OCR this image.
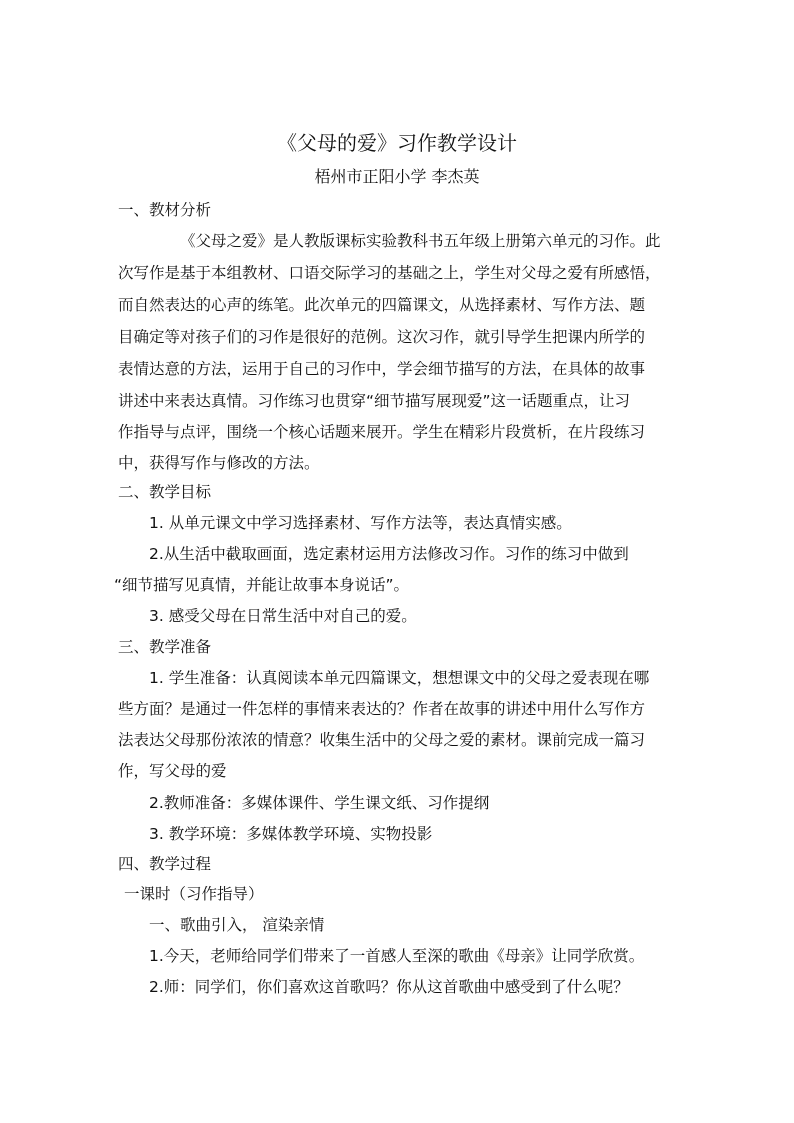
《父母的爱》习作教学设计
梧州市正阳小学 李杰英
一、教材分析
《父母之爱》是人教版课标实验教科书五年级上册第六单元的习作。此
次写作是基于本组教材、口语交际学习的基础之上，学生对父母之爱有所感悟，
而自然表达的心声的练笔。此次单元的四篇课文，从选择素材、写作方法、题
目确定等对孩子们的习作是很好的范例。这次习作，就引导学生把课内所学的
表情达意的方法，运用于自己的习作中，学会细节描写的方法，在具体的故事
讲述中来表达真情。习作练习也贯穿“细节描写展现爱”这一话题重点，让习
作指导与点评，围绕一个核心话题来展开。学生在精彩片段赏析，在片段练习
中，获得写作与修改的方法。
二、教学目标
1. 从单元课文中学习选择素材、写作方法等，表达真情实感。
2.从生活中截取画面，选定素材运用方法修改习作。习作的练习中做到
“细节描写见真情，并能让故事本身说话”。
3. 感受父母在日常生活中对自己的爱。
三、教学准备
1. 学生准备：认真阅读本单元四篇课文，想想课文中的父母之爱表现在哪
些方面？是通过一件怎样的事情来表达的？作者在故事的讲述中用什么写作方
法表达父母那份浓浓的情意？收集生活中的父母之爱的素材。课前完成一篇习
作，写父母的爱
2.教师准备：多媒体课件、学生课文纸、习作提纲
3. 教学环境：多媒体教学环境、实物投影
四、教学过程
一课时（习作指导）
一、歌曲引入， 渲染亲情
1.今天，老师给同学们带来了一首感人至深的歌曲《母亲》让同学欣赏。
2.师：同学们，你们喜欢这首歌吗？你从这首歌曲中感受到了什么呢？
